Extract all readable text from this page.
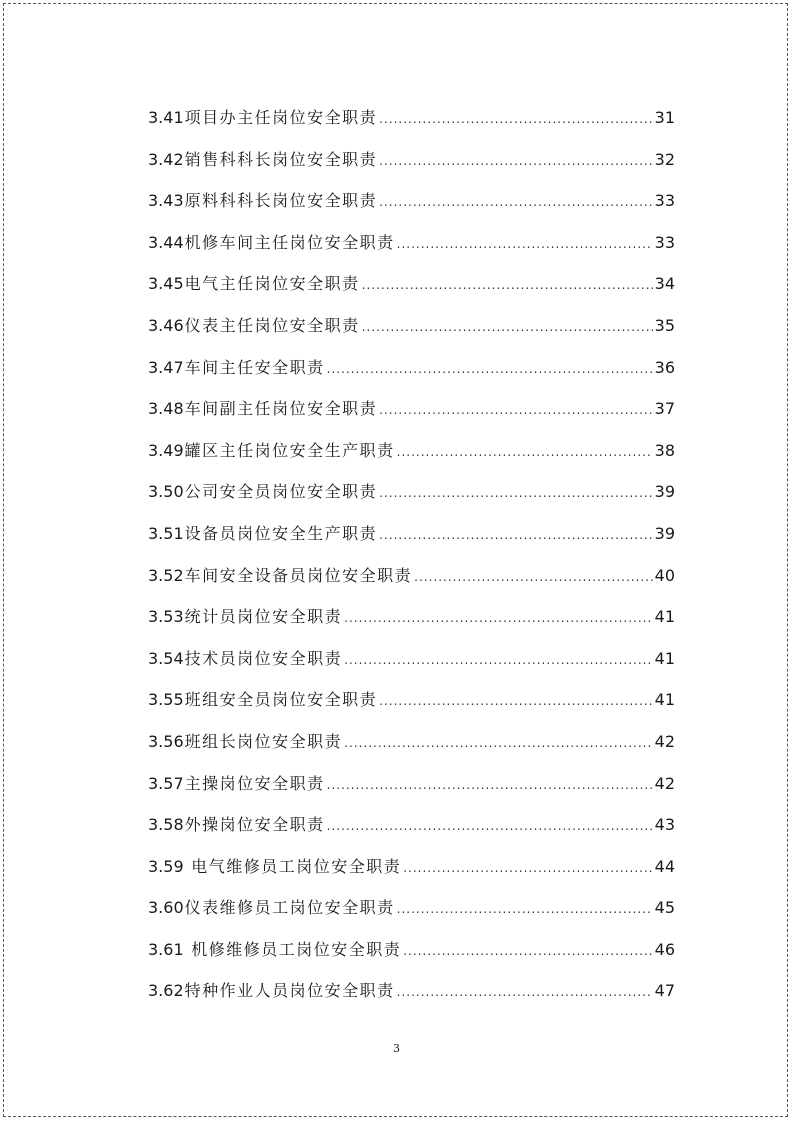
3.41 项目办主任岗位安全职责 .....	31
3.42 销售科科长岗位安全职责 .....	32
3.43 原料科科长岗位安全职责 .....	33
3.44 机修车间主任岗位安全职责 .....	33
3.45 电气主任岗位安全职责 .....	34
3.46 仪表主任岗位安全职责 .....	35
3.47 车间主任安全职责 .....	36
3.48 车间副主任岗位安全职责 .....	37
3.49 罐区主任岗位安全生产职责 .....	38
3.50 公司安全员岗位安全职责 .....	39
3.51 设备员岗位安全生产职责 .....	39
3.52 车间安全设备员岗位安全职责 .....	40
3.53 统计员岗位安全职责 .....	41
3.54 技术员岗位安全职责 .....	41
3.55 班组安全员岗位安全职责 .....	41
3.56 班组长岗位安全职责 .....	42
3.57 主操岗位安全职责 .....	42
3.58 外操岗位安全职责 .....	43
3.59 电气维修员工岗位安全职责 .....	44
3.60 仪表维修员工岗位安全职责 .....	45
3.61 机修维修员工岗位安全职责 .....	46
3.62 特种作业人员岗位安全职责 .....	47
3
